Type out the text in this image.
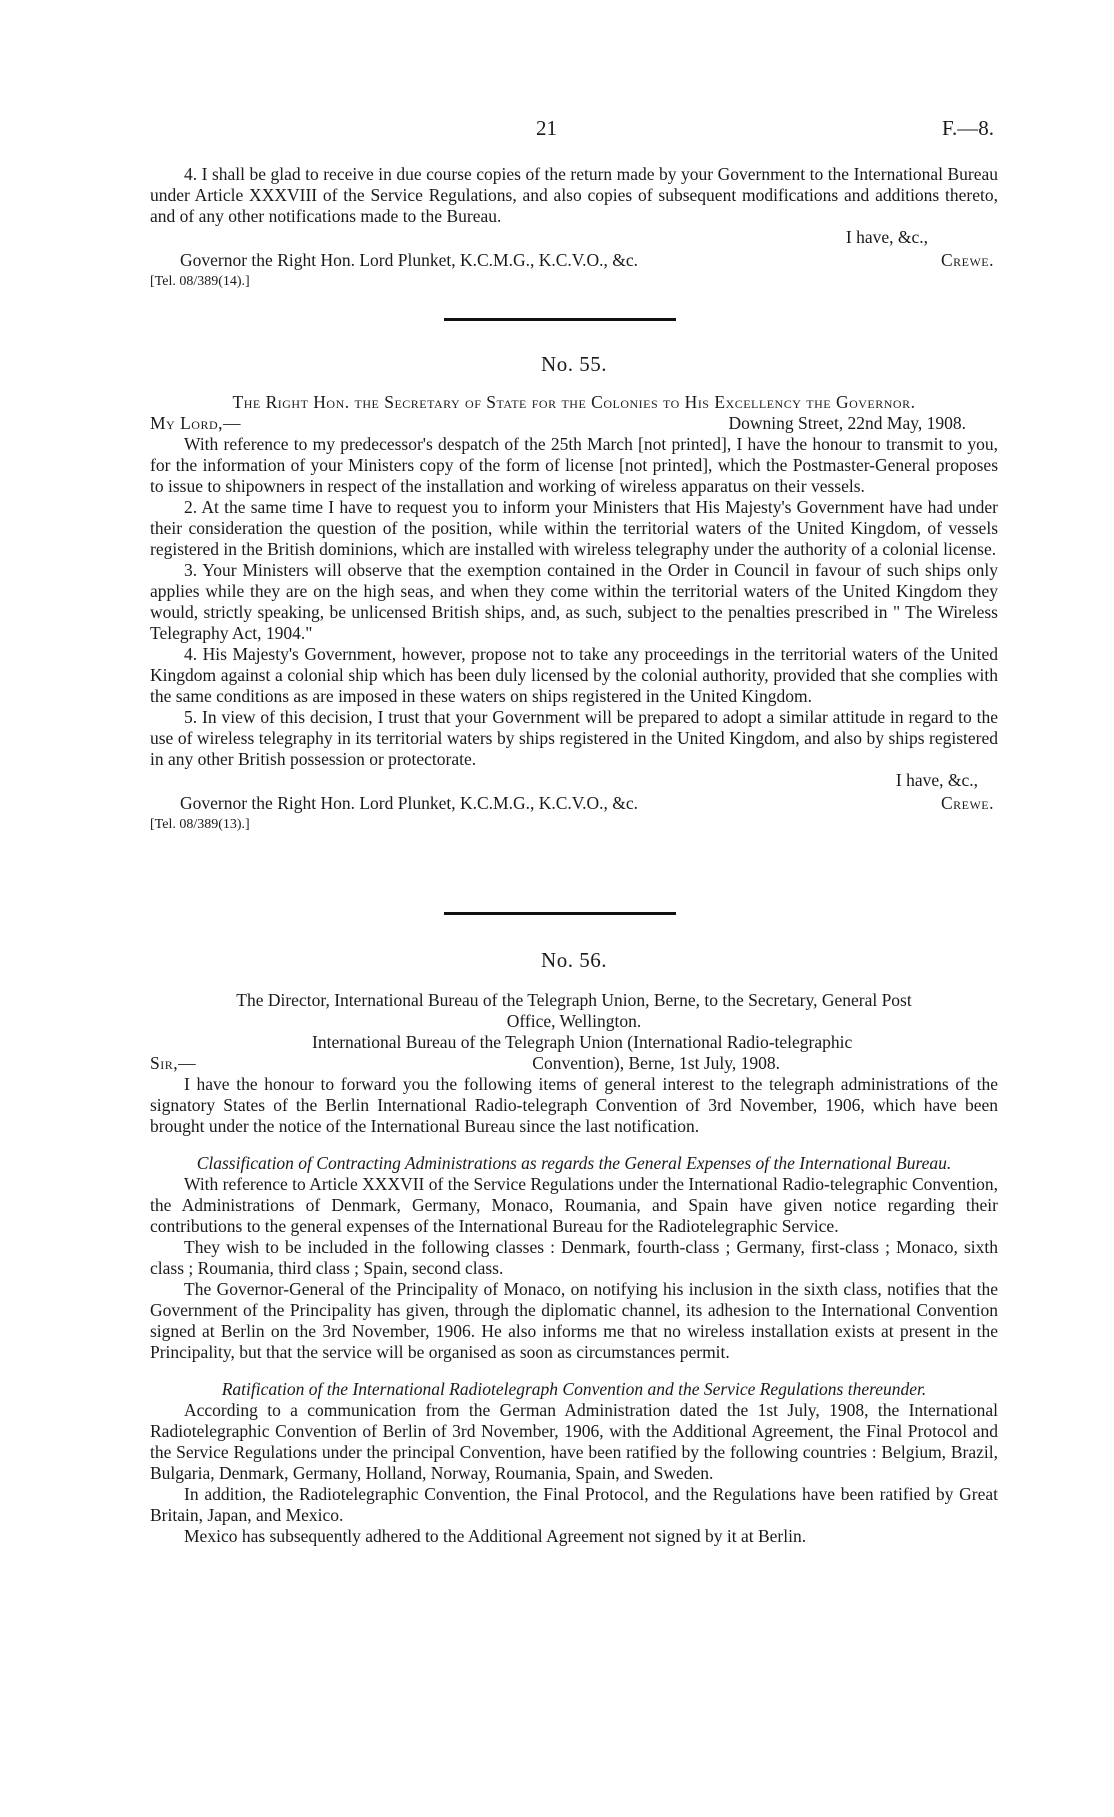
21	F.—8.

4. I shall be glad to receive in due course copies of the return made by your Government to the International Bureau under Article XXXVIII of the Service Regulations, and also copies of subsequent modifications and additions thereto, and of any other notifications made to the Bureau.

I have, &c.,
Governor the Right Hon. Lord Plunket, K.C.M.G., K.C.V.O., &c.	Crewe.
[Tel. 08/389(14).]
No. 55.
The Right Hon. the Secretary of State for the Colonies to His Excellency the Governor.
My Lord,—	Downing Street, 22nd May, 1908.

With reference to my predecessor's despatch of the 25th March [not printed], I have the honour to transmit to you, for the information of your Ministers copy of the form of license [not printed], which the Postmaster-General proposes to issue to shipowners in respect of the installation and working of wireless apparatus on their vessels.

2. At the same time I have to request you to inform your Ministers that His Majesty's Government have had under their consideration the question of the position, while within the territorial waters of the United Kingdom, of vessels registered in the British dominions, which are installed with wireless telegraphy under the authority of a colonial license.

3. Your Ministers will observe that the exemption contained in the Order in Council in favour of such ships only applies while they are on the high seas, and when they come within the territorial waters of the United Kingdom they would, strictly speaking, be unlicensed British ships, and, as such, subject to the penalties prescribed in " The Wireless Telegraphy Act, 1904."

4. His Majesty's Government, however, propose not to take any proceedings in the territorial waters of the United Kingdom against a colonial ship which has been duly licensed by the colonial authority, provided that she complies with the same conditions as are imposed in these waters on ships registered in the United Kingdom.

5. In view of this decision, I trust that your Government will be prepared to adopt a similar attitude in regard to the use of wireless telegraphy in its territorial waters by ships registered in the United Kingdom, and also by ships registered in any other British possession or protectorate.

I have, &c.,
Governor the Right Hon. Lord Plunket, K.C.M.G., K.C.V.O., &c.	Crewe.
[Tel. 08/389(13).]
No. 56.
The Director, International Bureau of the Telegraph Union, Berne, to the Secretary, General Post Office, Wellington.
International Bureau of the Telegraph Union (International Radio-telegraphic
Sir,—	Convention), Berne, 1st July, 1908.

I have the honour to forward you the following items of general interest to the telegraph administrations of the signatory States of the Berlin International Radio-telegraph Convention of 3rd November, 1906, which have been brought under the notice of the International Bureau since the last notification.

Classification of Contracting Administrations as regards the General Expenses of the International Bureau.

With reference to Article XXXVII of the Service Regulations under the International Radio-telegraphic Convention, the Administrations of Denmark, Germany, Monaco, Roumania, and Spain have given notice regarding their contributions to the general expenses of the International Bureau for the Radiotelegraphic Service.

They wish to be included in the following classes : Denmark, fourth-class ; Germany, first-class ; Monaco, sixth class ; Roumania, third class ; Spain, second class.

The Governor-General of the Principality of Monaco, on notifying his inclusion in the sixth class, notifies that the Government of the Principality has given, through the diplomatic channel, its adhesion to the International Convention signed at Berlin on the 3rd November, 1906. He also informs me that no wireless installation exists at present in the Principality, but that the service will be organised as soon as circumstances permit.

Ratification of the International Radiotelegraph Convention and the Service Regulations thereunder.

According to a communication from the German Administration dated the 1st July, 1908, the International Radiotelegraphic Convention of Berlin of 3rd November, 1906, with the Additional Agreement, the Final Protocol and the Service Regulations under the principal Convention, have been ratified by the following countries : Belgium, Brazil, Bulgaria, Denmark, Germany, Holland, Norway, Roumania, Spain, and Sweden.

In addition, the Radiotelegraphic Convention, the Final Protocol, and the Regulations have been ratified by Great Britain, Japan, and Mexico.

Mexico has subsequently adhered to the Additional Agreement not signed by it at Berlin.
